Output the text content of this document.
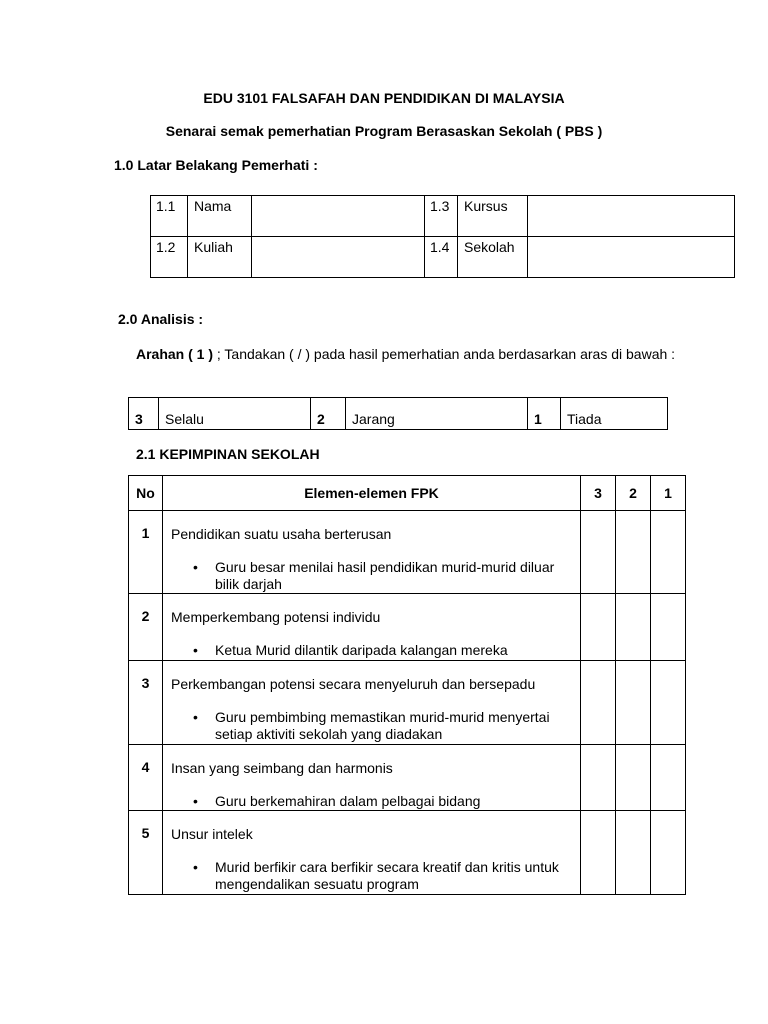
EDU 3101 FALSAFAH DAN PENDIDIKAN DI MALAYSIA
Senarai semak pemerhatian Program Berasaskan Sekolah ( PBS )
1.0 Latar Belakang Pemerhati :
1.1	Nama		1.3	Kursus	
1.2	Kuliah		1.4	Sekolah	
2.0 Analisis :
Arahan ( 1 ) ; Tandakan ( / ) pada hasil pemerhatian anda berdasarkan aras di bawah :
3	Selalu	2	Jarang	1	Tiada
2.1 KEPIMPINAN SEKOLAH
No	Elemen-elemen FPK	3	2	1
1	Pendidikan suatu usaha berterusan
• Guru besar menilai hasil pendidikan murid-murid diluar bilik darjah			

2	Memperkembang potensi individu
• Ketua Murid dilantik daripada kalangan mereka			

3	Perkembangan potensi secara menyeluruh dan bersepadu
• Guru pembimbing memastikan murid-murid menyertai setiap aktiviti sekolah yang diadakan			

4	Insan yang seimbang dan harmonis
• Guru berkemahiran dalam pelbagai bidang			

5	Unsur intelek
• Murid berfikir cara berfikir secara kreatif dan kritis untuk mengendalikan sesuatu program			
